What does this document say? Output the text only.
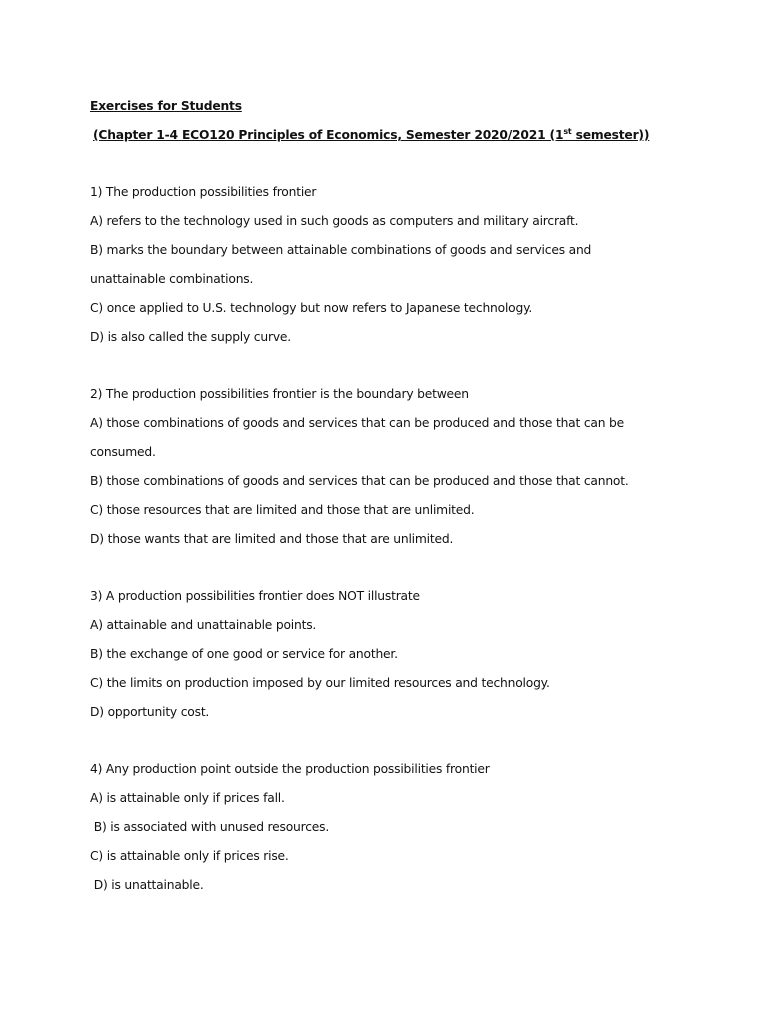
Exercises for Students
(Chapter 1-4 ECO120 Principles of Economics, Semester 2020/2021 (1st semester))
1) The production possibilities frontier
A) refers to the technology used in such goods as computers and military aircraft.
B) marks the boundary between attainable combinations of goods and services and
unattainable combinations.
C) once applied to U.S. technology but now refers to Japanese technology.
D) is also called the supply curve.
2) The production possibilities frontier is the boundary between
A) those combinations of goods and services that can be produced and those that can be
consumed.
B) those combinations of goods and services that can be produced and those that cannot.
C) those resources that are limited and those that are unlimited.
D) those wants that are limited and those that are unlimited.
3) A production possibilities frontier does NOT illustrate
A) attainable and unattainable points.
B) the exchange of one good or service for another.
C) the limits on production imposed by our limited resources and technology.
D) opportunity cost.
4) Any production point outside the production possibilities frontier
A) is attainable only if prices fall.
B) is associated with unused resources.
C) is attainable only if prices rise.
D) is unattainable.
